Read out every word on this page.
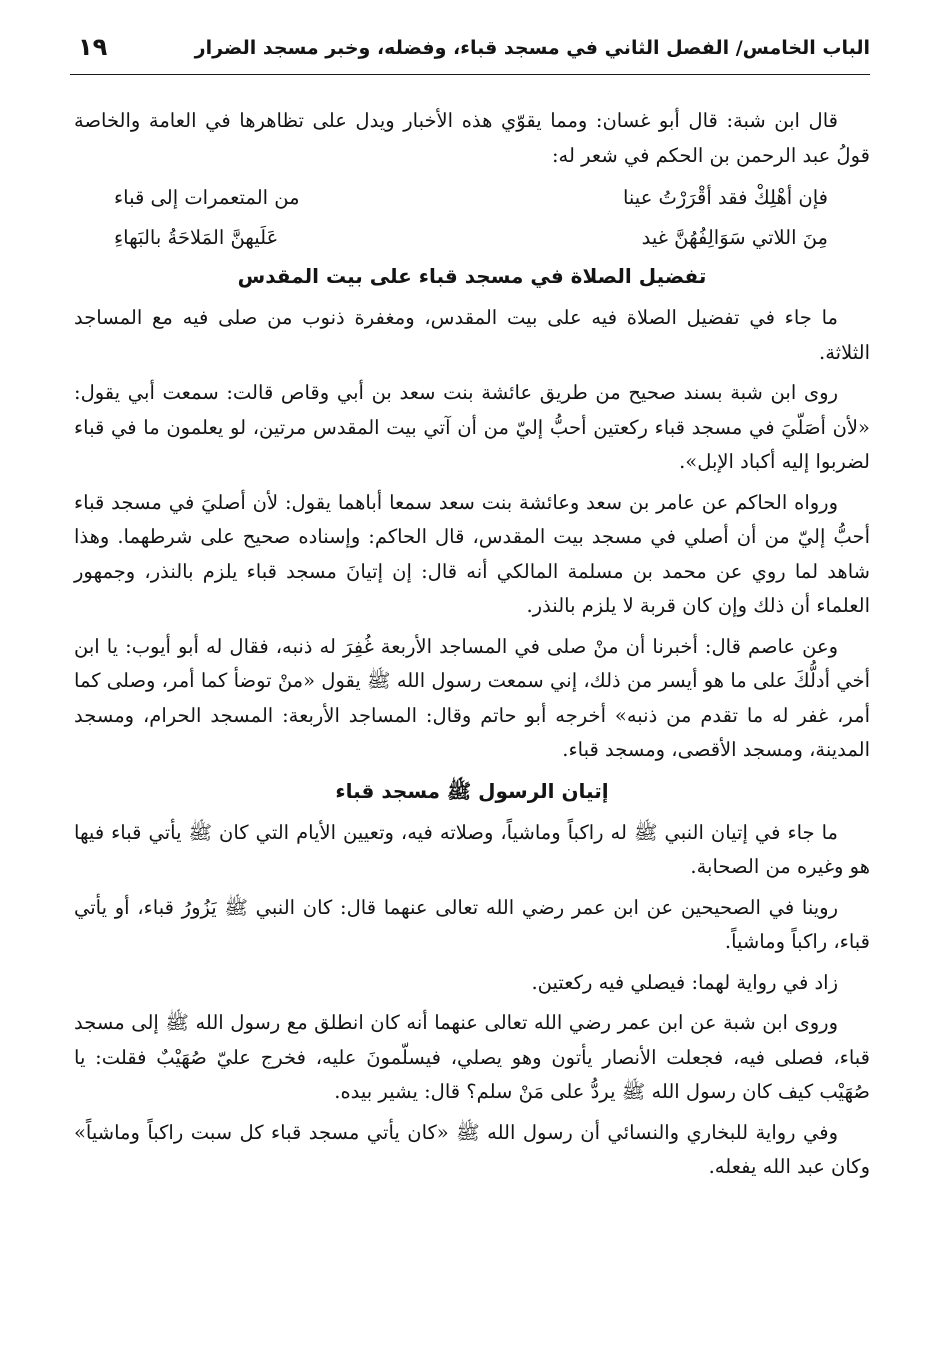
الباب الخامس/ الفصل الثاني في مسجد قباء، وفضله، وخبر مسجد الضرار
١٩

قال ابن شبة: قال أبو غسان: ومما يقوّي هذه الأخبار ويدل على تظاهرها في العامة والخاصة قولُ عبد الرحمن بن الحكم في شعر له:

فإن أهْلِكْ فقد أقْرَرْتُ عينا
من المتعمرات إلى قباء
مِنَ اللاتي سَوَالِفُهُنَّ غيد
عَلَيهنَّ المَلاحَةُ بالبَهاءِ
تفضيل الصلاة في مسجد قباء على بيت المقدس

ما جاء في تفضيل الصلاة فيه على بيت المقدس، ومغفرة ذنوب من صلى فيه مع المساجد الثلاثة.

روى ابن شبة بسند صحيح من طريق عائشة بنت سعد بن أبي وقاص قالت: سمعت أبي يقول: «لأن أصَلّيَ في مسجد قباء ركعتين أحبُّ إليّ من أن آتي بيت المقدس مرتين، لو يعلمون ما في قباء لضربوا إليه أكباد الإبل».

ورواه الحاكم عن عامر بن سعد وعائشة بنت سعد سمعا أباهما يقول: لأن أصليَ في مسجد قباء أحبُّ إليّ من أن أصلي في مسجد بيت المقدس، قال الحاكم: وإسناده صحيح على شرطهما. وهذا شاهد لما روي عن محمد بن مسلمة المالكي أنه قال: إن إتيانَ مسجد قباء يلزم بالنذر، وجمهور العلماء أن ذلك وإن كان قربة لا يلزم بالنذر.

وعن عاصم قال: أخبرنا أن منْ صلى في المساجد الأربعة غُفِرَ له ذنبه، فقال له أبو أيوب: يا ابن أخي أدلُّكَ على ما هو أيسر من ذلك، إني سمعت رسول الله ﷺ يقول «منْ توضأ كما أمر، وصلى كما أمر، غفر له ما تقدم من ذنبه» أخرجه أبو حاتم وقال: المساجد الأربعة: المسجد الحرام، ومسجد المدينة، ومسجد الأقصى، ومسجد قباء.

إتيان الرسول ﷺ مسجد قباء

ما جاء في إتيان النبي ﷺ له راكباً وماشياً، وصلاته فيه، وتعيين الأيام التي كان ﷺ يأتي قباء فيها هو وغيره من الصحابة.

روينا في الصحيحين عن ابن عمر رضي الله تعالى عنهما قال: كان النبي ﷺ يَزُورُ قباء، أو يأتي قباء، راكباً وماشياً.

زاد في رواية لهما: فيصلي فيه ركعتين.

وروى ابن شبة عن ابن عمر رضي الله تعالى عنهما أنه كان انطلق مع رسول الله ﷺ إلى مسجد قباء، فصلى فيه، فجعلت الأنصار يأتون وهو يصلي، فيسلّمونَ عليه، فخرج عليّ صُهَيْبٌ فقلت: يا صُهَيْب كيف كان رسول الله ﷺ يردُّ على مَنْ سلم؟ قال: يشير بيده.

وفي رواية للبخاري والنسائي أن رسول الله ﷺ «كان يأتي مسجد قباء كل سبت راكباً وماشياً» وكان عبد الله يفعله.
